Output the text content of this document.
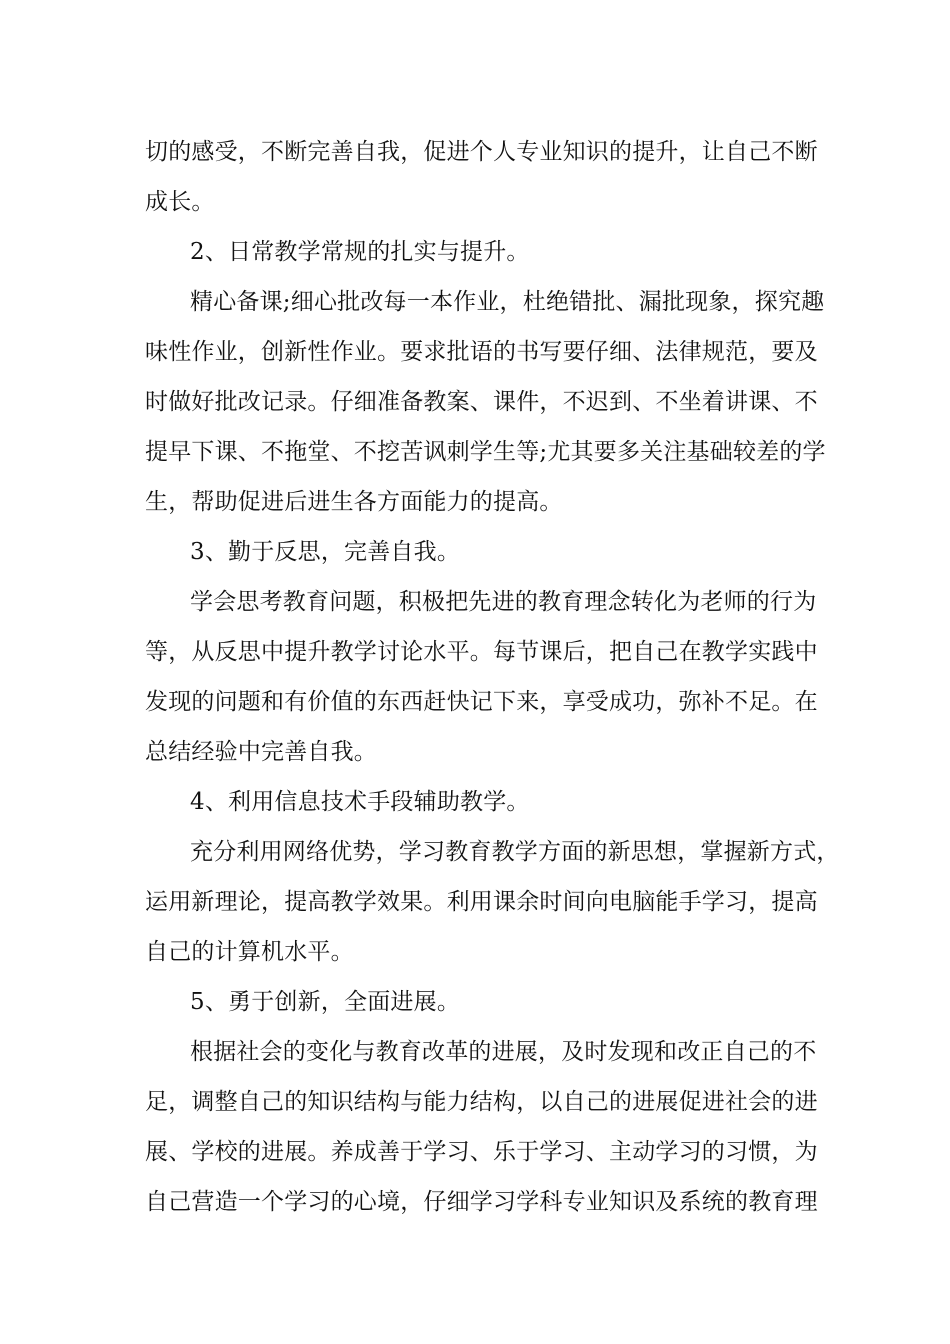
切的感受，不断完善自我，促进个人专业知识的提升，让自己不断
成长。
2、日常教学常规的扎实与提升。
精心备课;细心批改每一本作业，杜绝错批、漏批现象，探究趣
味性作业，创新性作业。要求批语的书写要仔细、法律规范，要及
时做好批改记录。仔细准备教案、课件，不迟到、不坐着讲课、不
提早下课、不拖堂、不挖苦讽刺学生等;尤其要多关注基础较差的学
生，帮助促进后进生各方面能力的提高。
3、勤于反思，完善自我。
学会思考教育问题，积极把先进的教育理念转化为老师的行为
等，从反思中提升教学讨论水平。每节课后，把自己在教学实践中
发现的问题和有价值的东西赶快记下来，享受成功，弥补不足。在
总结经验中完善自我。
4、利用信息技术手段辅助教学。
充分利用网络优势，学习教育教学方面的新思想，掌握新方式，
运用新理论，提高教学效果。利用课余时间向电脑能手学习，提高
自己的计算机水平。
5、勇于创新，全面进展。
根据社会的变化与教育改革的进展，及时发现和改正自己的不
足，调整自己的知识结构与能力结构，以自己的进展促进社会的进
展、学校的进展。养成善于学习、乐于学习、主动学习的习惯，为
自己营造一个学习的心境，仔细学习学科专业知识及系统的教育理
